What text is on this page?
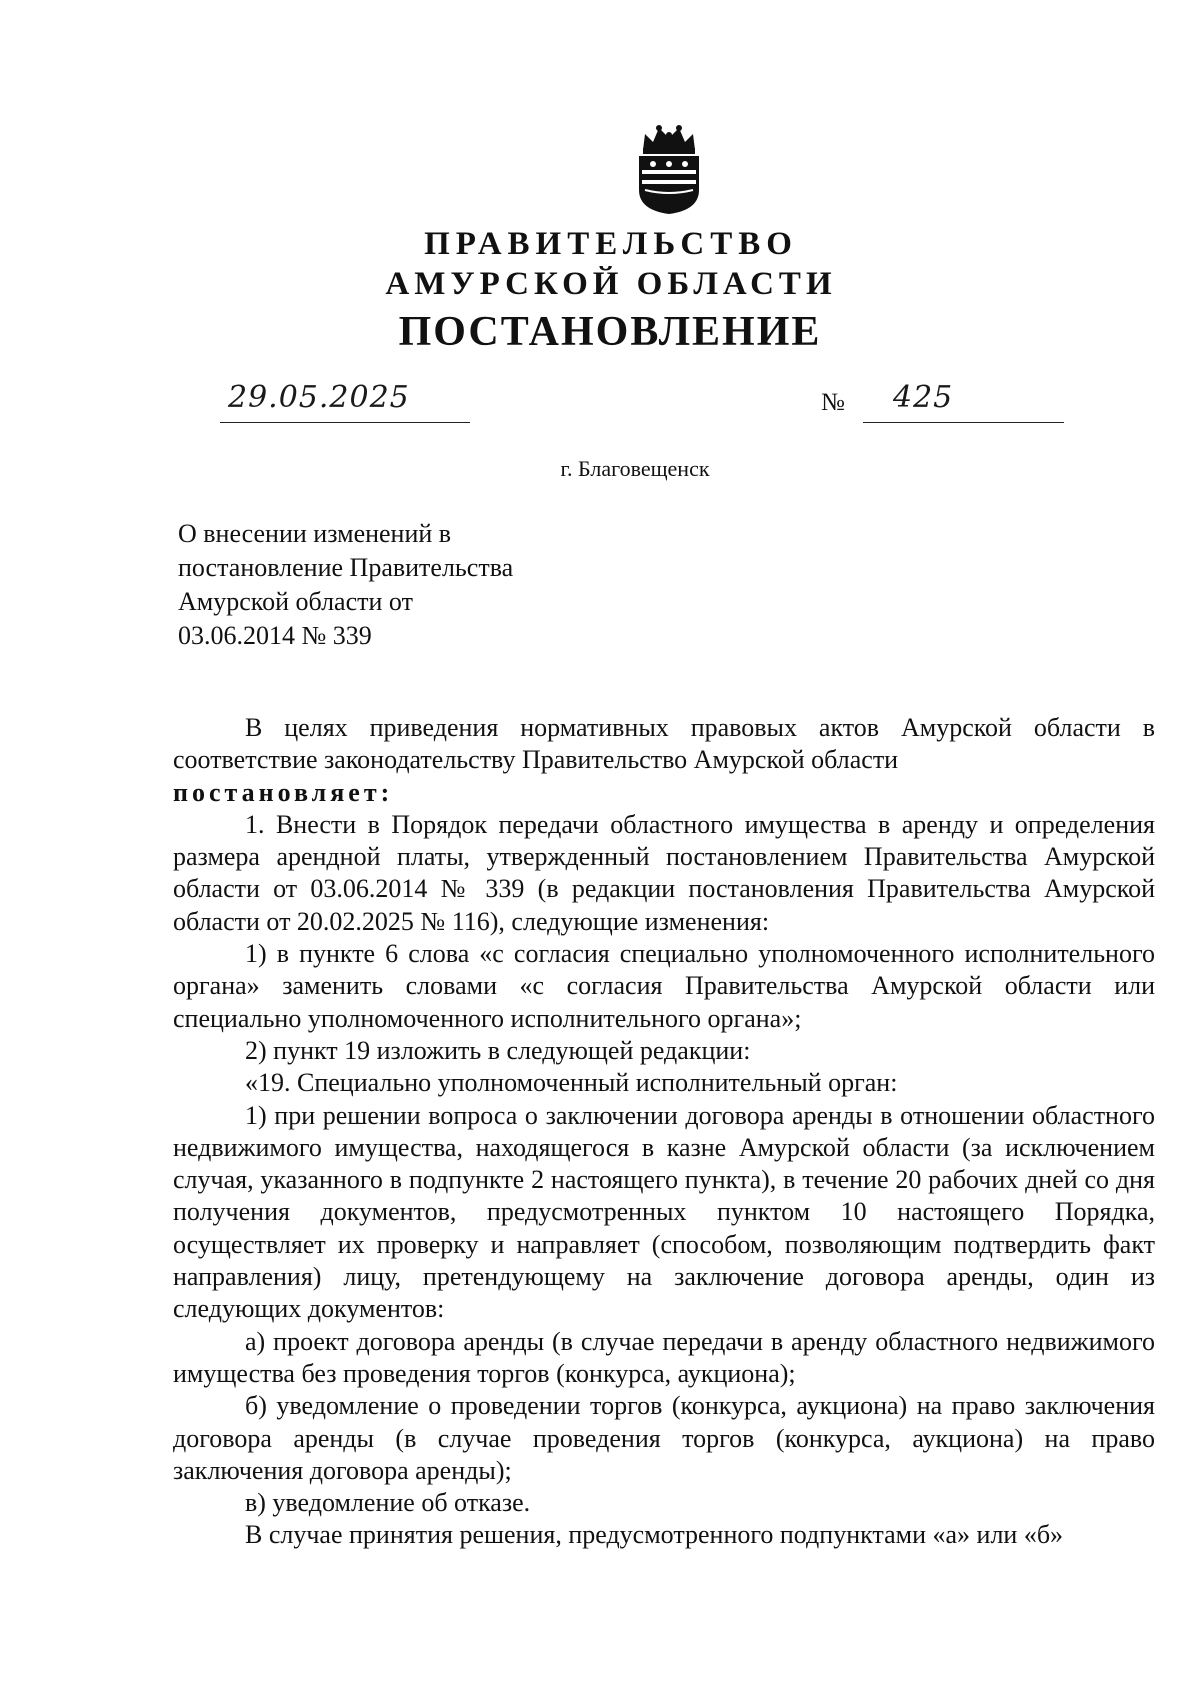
ПРАВИТЕЛЬСТВО
АМУРСКОЙ ОБЛАСТИ
ПОСТАНОВЛЕНИЕ
29.05.2025	№ 425
г. Благовещенск
О внесении изменений в
постановление Правительства
Амурской области от
03.06.2014 № 339

В целях приведения нормативных правовых актов Амурской области в соответствие законодательству Правительство Амурской области

постановляет:

1. Внести в Порядок передачи областного имущества в аренду и определения размера арендной платы, утвержденный постановлением Правительства Амурской области от 03.06.2014 № 339 (в редакции постановления Правительства Амурской области от 20.02.2025 № 116), следующие изменения:

1) в пункте 6 слова «с согласия специально уполномоченного исполнительного органа» заменить словами «с согласия Правительства Амурской области или специально уполномоченного исполнительного органа»;

2) пункт 19 изложить в следующей редакции:

«19. Специально уполномоченный исполнительный орган:

1) при решении вопроса о заключении договора аренды в отношении областного недвижимого имущества, находящегося в казне Амурской области (за исключением случая, указанного в подпункте 2 настоящего пункта), в течение 20 рабочих дней со дня получения документов, предусмотренных пунктом 10 настоящего Порядка, осуществляет их проверку и направляет (способом, позволяющим подтвердить факт направления) лицу, претендующему на заключение договора аренды, один из следующих документов:

а) проект договора аренды (в случае передачи в аренду областного недвижимого имущества без проведения торгов (конкурса, аукциона);

б) уведомление о проведении торгов (конкурса, аукциона) на право заключения договора аренды (в случае проведения торгов (конкурса, аукциона) на право заключения договора аренды);

в) уведомление об отказе.

В случае принятия решения, предусмотренного подпунктами «а» или «б»
